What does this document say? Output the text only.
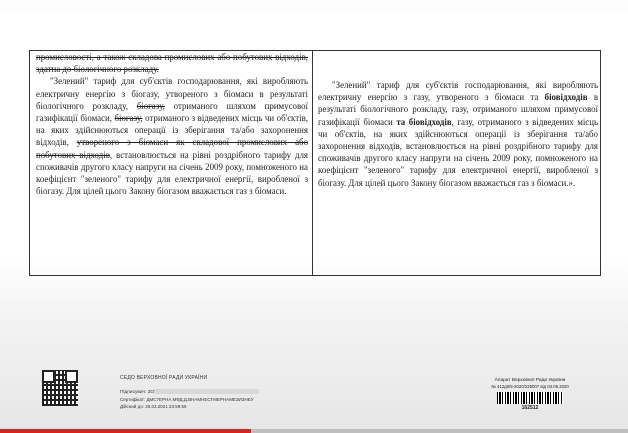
промисловості, а також складова промислових або побутових відходів, здатна до біологічного розкладу.

"Зелений" тариф для суб'єктів господарювання, які виробляють електричну енергію з біогазу, утвореного з біомаси в результаті біологічного розкладу, біогазу, отриманого шляхом примусової газифікації біомаси, біогазу, отриманого з відведених місць чи об'єктів, на яких здійснюються операції із зберігання та/або захоронення відходів, утвореного з біомаси як складової промислових або побутових відходів, встановлюється на рівні роздрібного тарифу для споживачів другого класу напруги на січень 2009 року, помноженого на коефіцієнт "зеленого" тарифу для електричної енергії, виробленої з біогазу. Для цілей цього Закону біогазом вважається газ з біомаси.

"Зелений" тариф для суб'єктів господарювання, які виробляють електричну енергію з газу, утвореного з біомаси та біовідходів в результаті біологічного розкладу, газу, отриманого шляхом примусової газифікації біомаси та біовідходів, газу, отриманого з відведених місць чи об'єктів, на яких здійснюються операції із зберігання та/або захоронення відходів, встановлюється на рівні роздрібного тарифу для споживачів другого класу напруги на січень 2009 року, помноженого на коефіцієнт "зеленого" тарифу для електричної енергії, виробленої з біогазу. Для цілей цього Закону біогазом вважається газ з біомаси.».

СЕДО ВЕРХОВНОЇ РАДИ УКРАЇНИ
Підписувач: ЗО
Сертифікат: ДМС7ЕРНА.МФД.Д.ВНАМНЕСТМЕРНАМЕЗИЗНЕУ
Дійсний до: 25.03.2021 23:59:59
Апарат Верховної Ради України
№ 412д9/5-2020/225007 від 03.08.2020
162512
